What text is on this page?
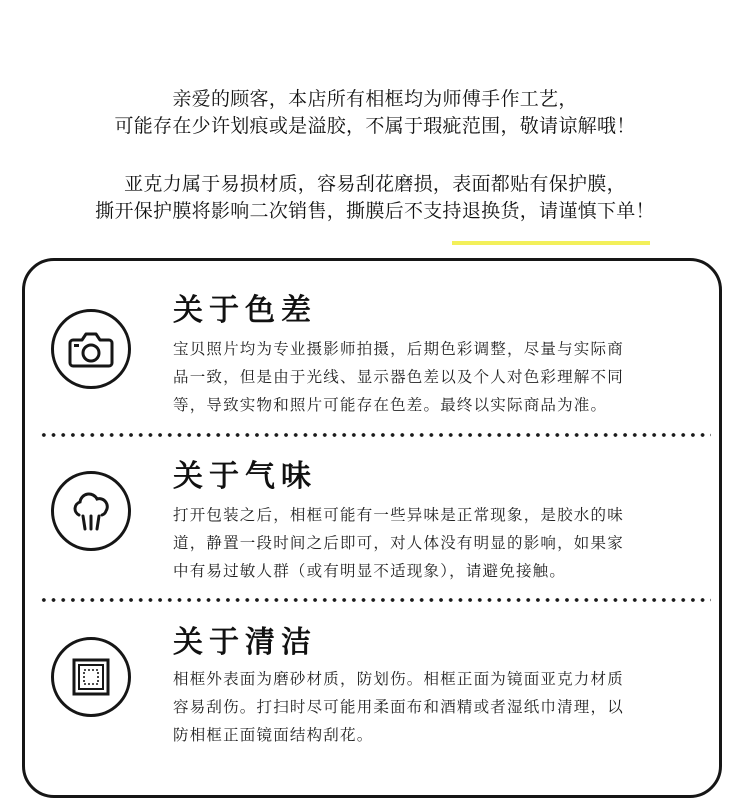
亲爱的顾客，本店所有相框均为师傅手作工艺，

可能存在少许划痕或是溢胶，不属于瑕疵范围，敬请谅解哦！

亚克力属于易损材质，容易刮花磨损，表面都贴有保护膜，

撕开保护膜将影响二次销售，撕膜后不支持退换货，请谨慎下单！

关于色差
宝贝照片均为专业摄影师拍摄，后期色彩调整，尽量与实际商
品一致，但是由于光线、显示器色差以及个人对色彩理解不同
等，导致实物和照片可能存在色差。最终以实际商品为准。
关于气味
打开包装之后，相框可能有一些异味是正常现象，是胶水的味
道，静置一段时间之后即可，对人体没有明显的影响，如果家
中有易过敏人群（或有明显不适现象），请避免接触。
关于清洁
相框外表面为磨砂材质，防划伤。相框正面为镜面亚克力材质
容易刮伤。打扫时尽可能用柔面布和酒精或者湿纸巾清理，以
防相框正面镜面结构刮花。
